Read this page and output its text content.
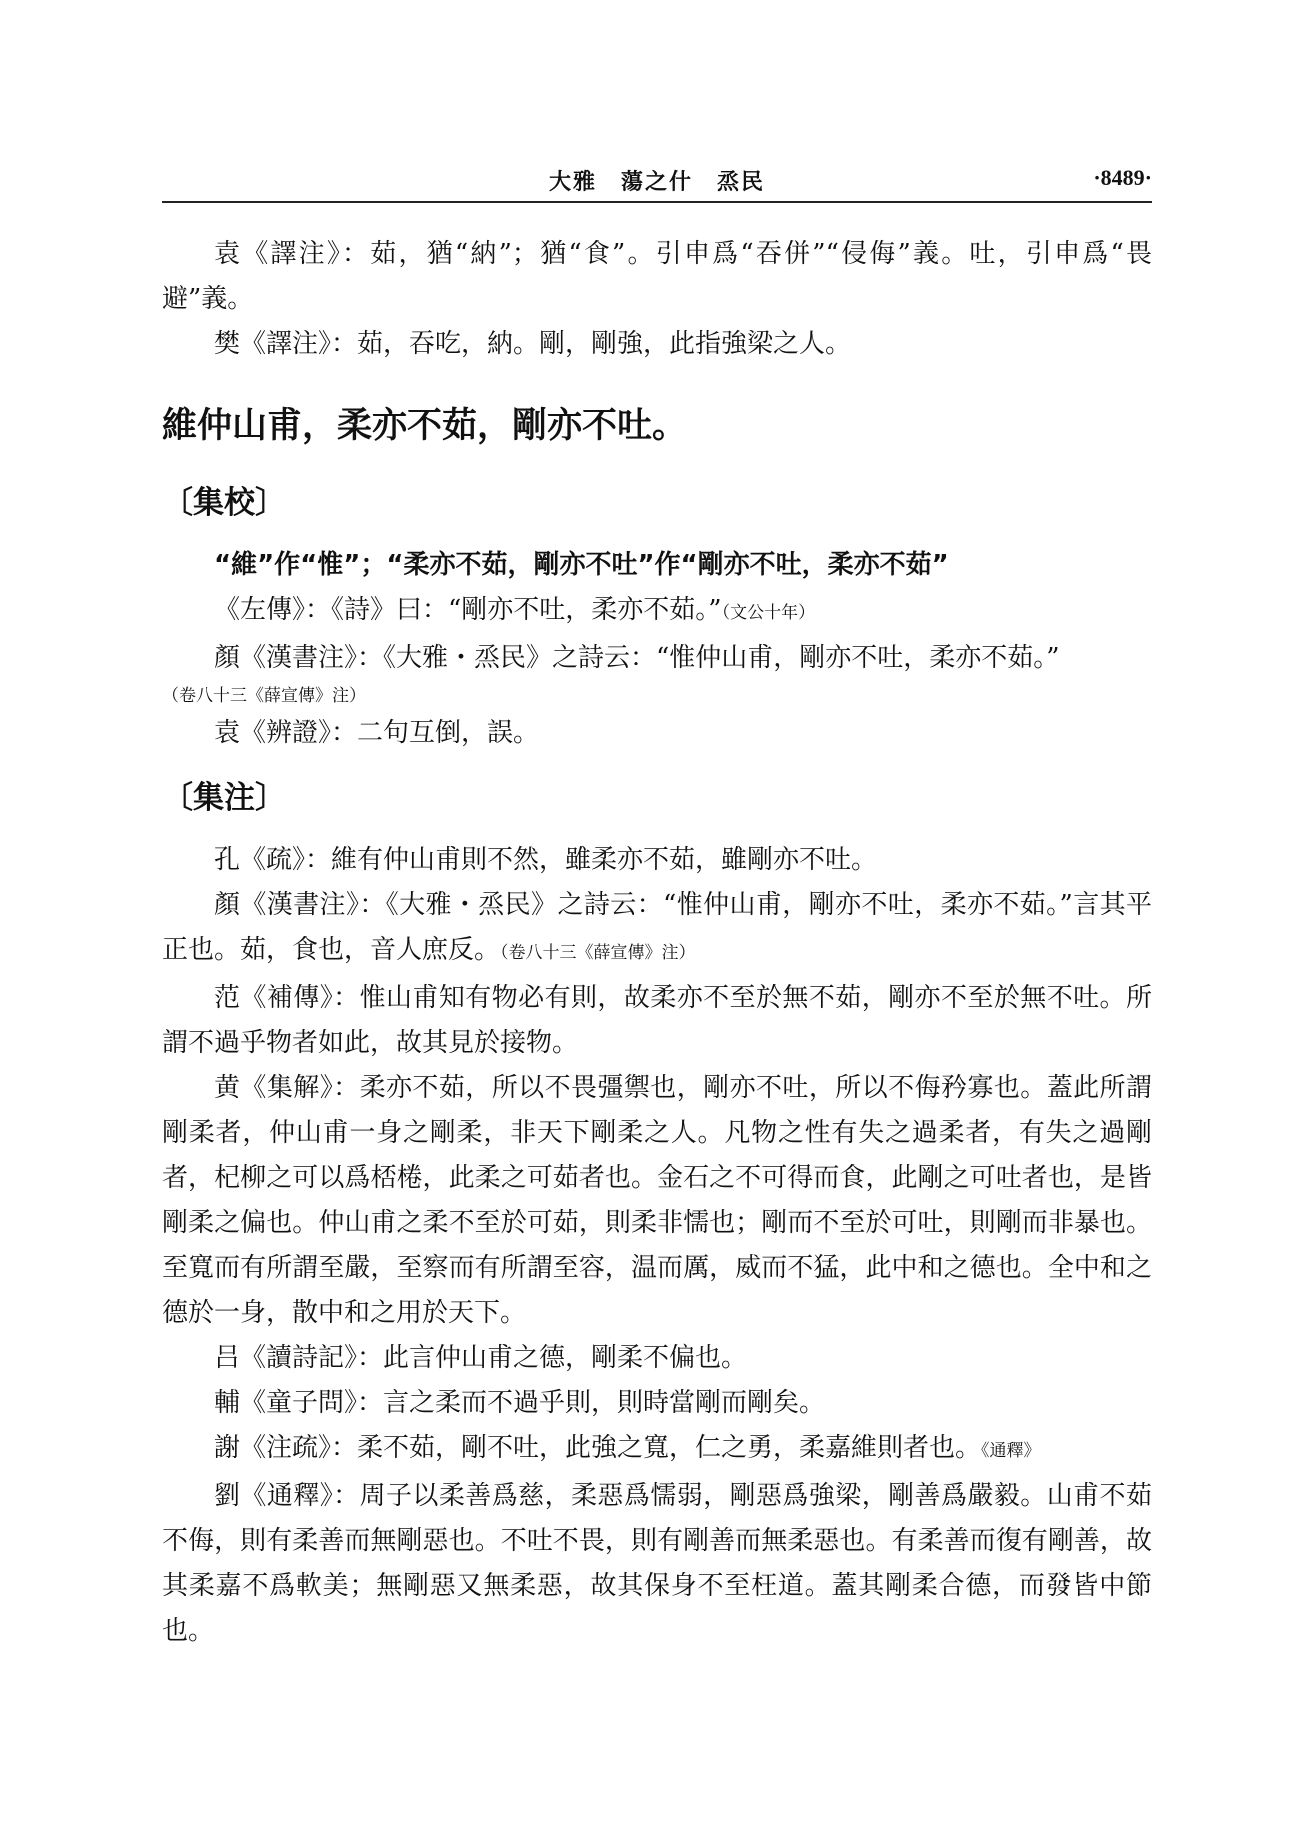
大雅　蕩之什　烝民	·8489·

袁《譯注》：茹，猶“納”；猶“食”。引申爲“吞併”“侵侮”義。吐，引申爲“畏避”義。

樊《譯注》：茹，吞吃，納。剛，剛強，此指強梁之人。

維仲山甫，柔亦不茹，剛亦不吐。
〔集校〕
“維”作“惟”；“柔亦不茹，剛亦不吐”作“剛亦不吐，柔亦不茹”

《左傳》：《詩》曰：“剛亦不吐，柔亦不茹。”（文公十年）

顏《漢書注》：《大雅・烝民》之詩云：“惟仲山甫，剛亦不吐，柔亦不茹。”

（卷八十三《薛宣傳》注）

袁《辨證》：二句互倒，誤。

〔集注〕

孔《疏》：維有仲山甫則不然，雖柔亦不茹，雖剛亦不吐。

顏《漢書注》：《大雅・烝民》之詩云：“惟仲山甫，剛亦不吐，柔亦不茹。”言其平正也。茹，食也，音人庶反。（卷八十三《薛宣傳》注）

范《補傳》：惟山甫知有物必有則，故柔亦不至於無不茹，剛亦不至於無不吐。所謂不過乎物者如此，故其見於接物。

黄《集解》：柔亦不茹，所以不畏彊禦也，剛亦不吐，所以不侮矜寡也。蓋此所謂剛柔者，仲山甫一身之剛柔，非天下剛柔之人。凡物之性有失之過柔者，有失之過剛者，杞柳之可以爲桮棬，此柔之可茹者也。金石之不可得而食，此剛之可吐者也，是皆剛柔之偏也。仲山甫之柔不至於可茹，則柔非懦也；剛而不至於可吐，則剛而非暴也。至寬而有所謂至嚴，至察而有所謂至容，温而厲，威而不猛，此中和之德也。全中和之德於一身，散中和之用於天下。

吕《讀詩記》：此言仲山甫之德，剛柔不偏也。

輔《童子問》：言之柔而不過乎則，則時當剛而剛矣。

謝《注疏》：柔不茹，剛不吐，此強之寬，仁之勇，柔嘉維則者也。《通釋》

劉《通釋》：周子以柔善爲慈，柔惡爲懦弱，剛惡爲強梁，剛善爲嚴毅。山甫不茹不侮，則有柔善而無剛惡也。不吐不畏，則有剛善而無柔惡也。有柔善而復有剛善，故其柔嘉不爲軟美；無剛惡又無柔惡，故其保身不至枉道。蓋其剛柔合德，而發皆中節也。
